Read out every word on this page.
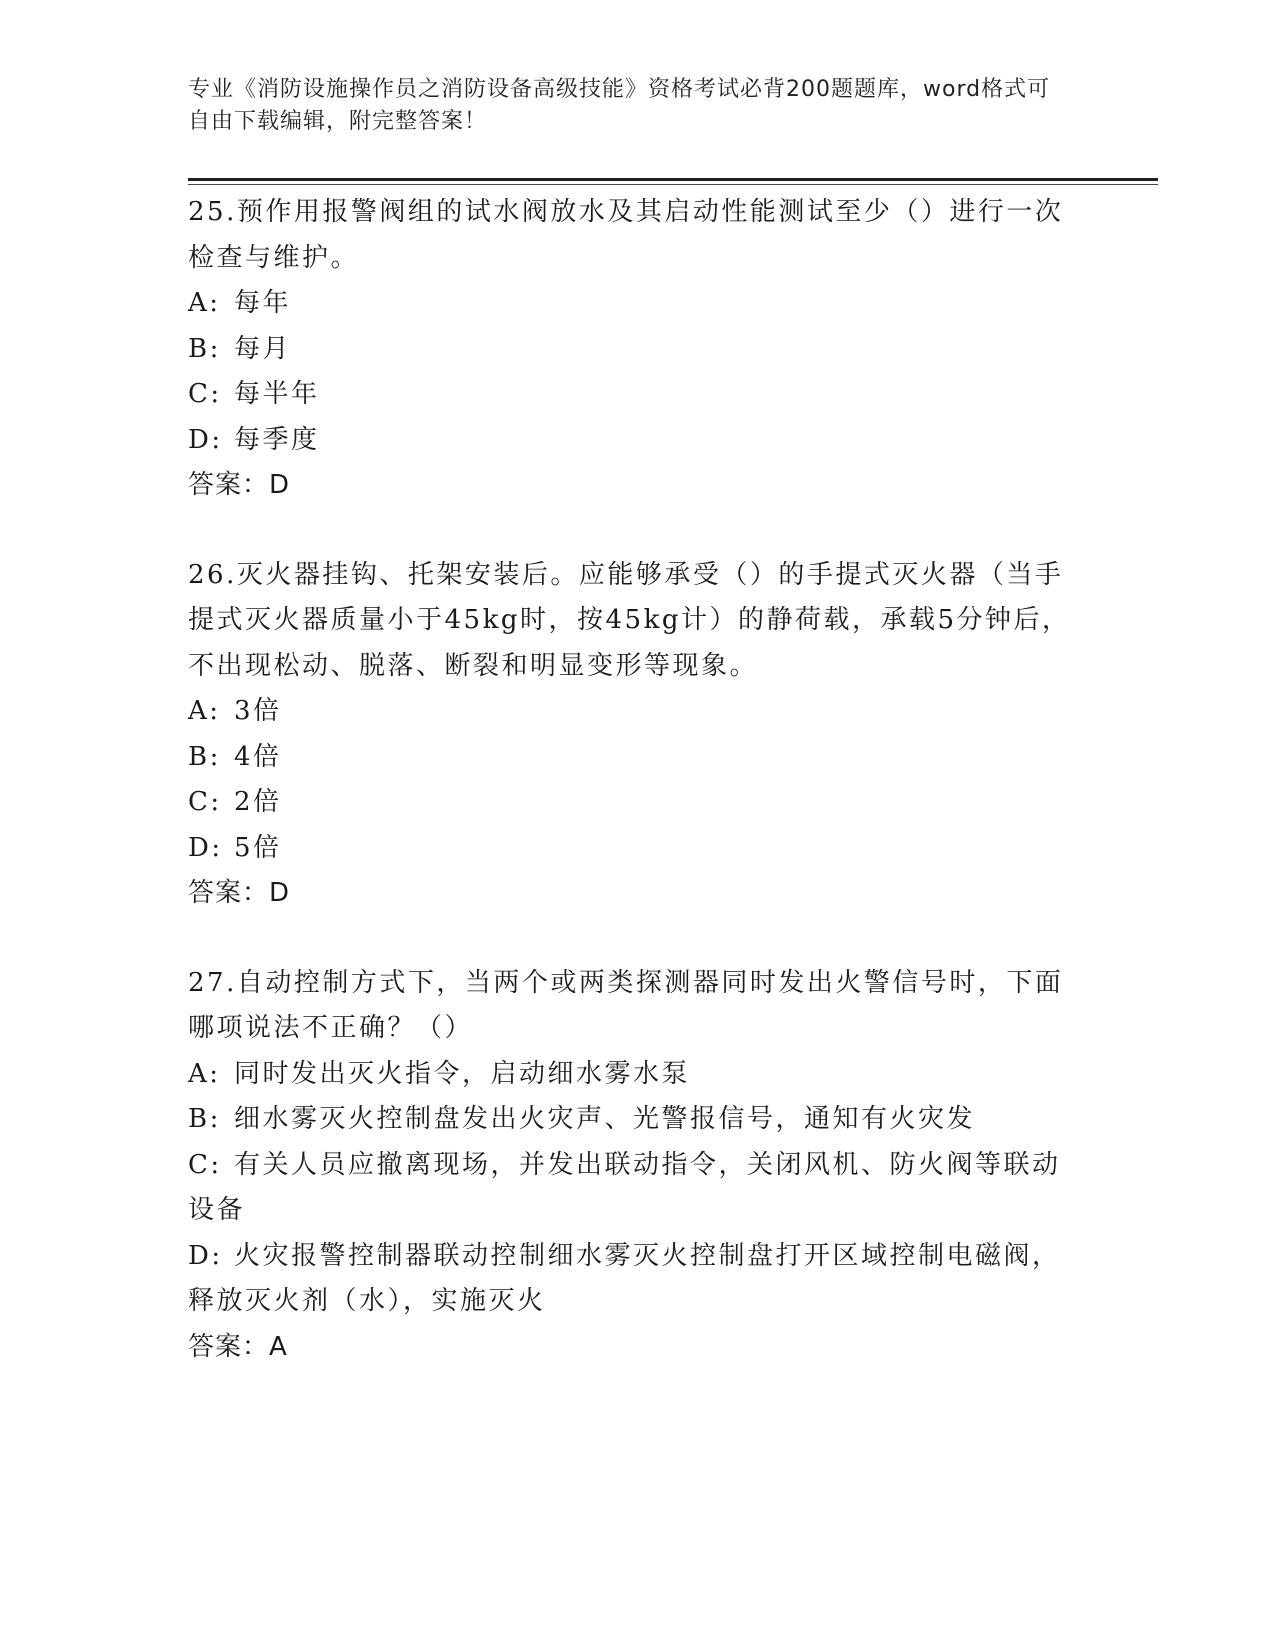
专业《消防设施操作员之消防设备高级技能》资格考试必背200题题库，word格式可自由下载编辑，附完整答案！

25.预作用报警阀组的试水阀放水及其启动性能测试至少（）进行一次检查与维护。

A: 每年

B: 每月

C: 每半年

D: 每季度

答案：D

26.灭火器挂钩、托架安装后。应能够承受（）的手提式灭火器（当手提式灭火器质量小于45kg时，按45kg计）的静荷载，承载5分钟后，不出现松动、脱落、断裂和明显变形等现象。

A: 3倍

B: 4倍

C: 2倍

D: 5倍

答案：D

27.自动控制方式下，当两个或两类探测器同时发出火警信号时，下面哪项说法不正确？（）

A: 同时发出灭火指令，启动细水雾水泵

B: 细水雾灭火控制盘发出火灾声、光警报信号，通知有火灾发

C: 有关人员应撤离现场，并发出联动指令，关闭风机、防火阀等联动设备

D: 火灾报警控制器联动控制细水雾灭火控制盘打开区域控制电磁阀，释放灭火剂（水），实施灭火

答案：A
